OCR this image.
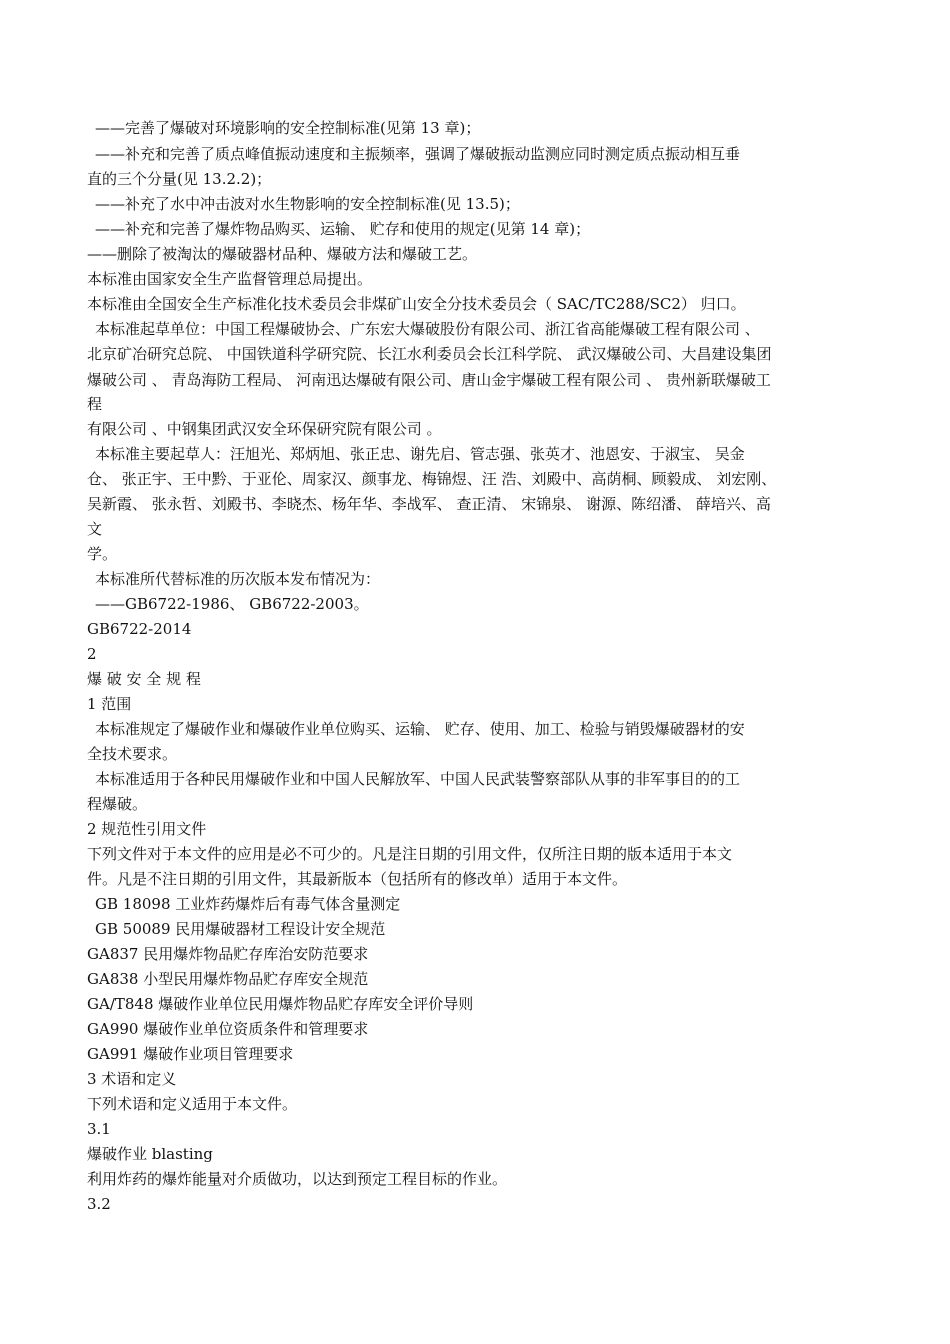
——完善了爆破对环境影响的安全控制标准(见第 13 章)；
——补充和完善了质点峰值振动速度和主振频率，强调了爆破振动监测应同时测定质点振动相互垂
直的三个分量(见 13.2.2)；
——补充了水中冲击波对水生物影响的安全控制标准(见 13.5)；
——补充和完善了爆炸物品购买、运输、 贮存和使用的规定(见第 14 章)；
——删除了被淘汰的爆破器材品种、爆破方法和爆破工艺。
本标准由国家安全生产监督管理总局提出。
本标准由全国安全生产标准化技术委员会非煤矿山安全分技术委员会（ SAC/TC288/SC2） 归口。
本标准起草单位：中国工程爆破协会、广东宏大爆破股份有限公司、浙江省高能爆破工程有限公司 、
北京矿冶研究总院、 中国铁道科学研究院、长江水利委员会长江科学院、 武汉爆破公司、大昌建设集团
爆破公司 、 青岛海防工程局、 河南迅达爆破有限公司、唐山金宇爆破工程有限公司 、 贵州新联爆破工
程
有限公司 、中钢集团武汉安全环保研究院有限公司 。
本标准主要起草人：汪旭光、郑炳旭、张正忠、谢先启、管志强、张英才、池恩安、于淑宝、 吴金
仓、 张正宇、王中黔、于亚伦、周家汉、颜事龙、梅锦煜、汪 浩、刘殿中、高荫桐、顾毅成、 刘宏刚、
吴新霞、 张永哲、刘殿书、李晓杰、杨年华、李战军、 查正清、 宋锦泉、 谢源、陈绍潘、 薛培兴、高
文
学。
本标准所代替标准的历次版本发布情况为：
——GB6722-1986、 GB6722-2003。
GB6722-2014
2
爆 破 安 全 规 程
1 范围
本标准规定了爆破作业和爆破作业单位购买、运输、 贮存、使用、加工、检验与销毁爆破器材的安
全技术要求。
本标准适用于各种民用爆破作业和中国人民解放军、中国人民武装警察部队从事的非军事目的的工
程爆破。
2 规范性引用文件
下列文件对于本文件的应用是必不可少的。凡是注日期的引用文件，仅所注日期的版本适用于本文
件。凡是不注日期的引用文件，其最新版本（包括所有的修改单）适用于本文件。
GB 18098 工业炸药爆炸后有毒气体含量测定
GB 50089 民用爆破器材工程设计安全规范
GA837 民用爆炸物品贮存库治安防范要求
GA838 小型民用爆炸物品贮存库安全规范
GA/T848 爆破作业单位民用爆炸物品贮存库安全评价导则
GA990 爆破作业单位资质条件和管理要求
GA991 爆破作业项目管理要求
3 术语和定义
下列术语和定义适用于本文件。
3.1
爆破作业 blasting
利用炸药的爆炸能量对介质做功，以达到预定工程目标的作业。
3.2
